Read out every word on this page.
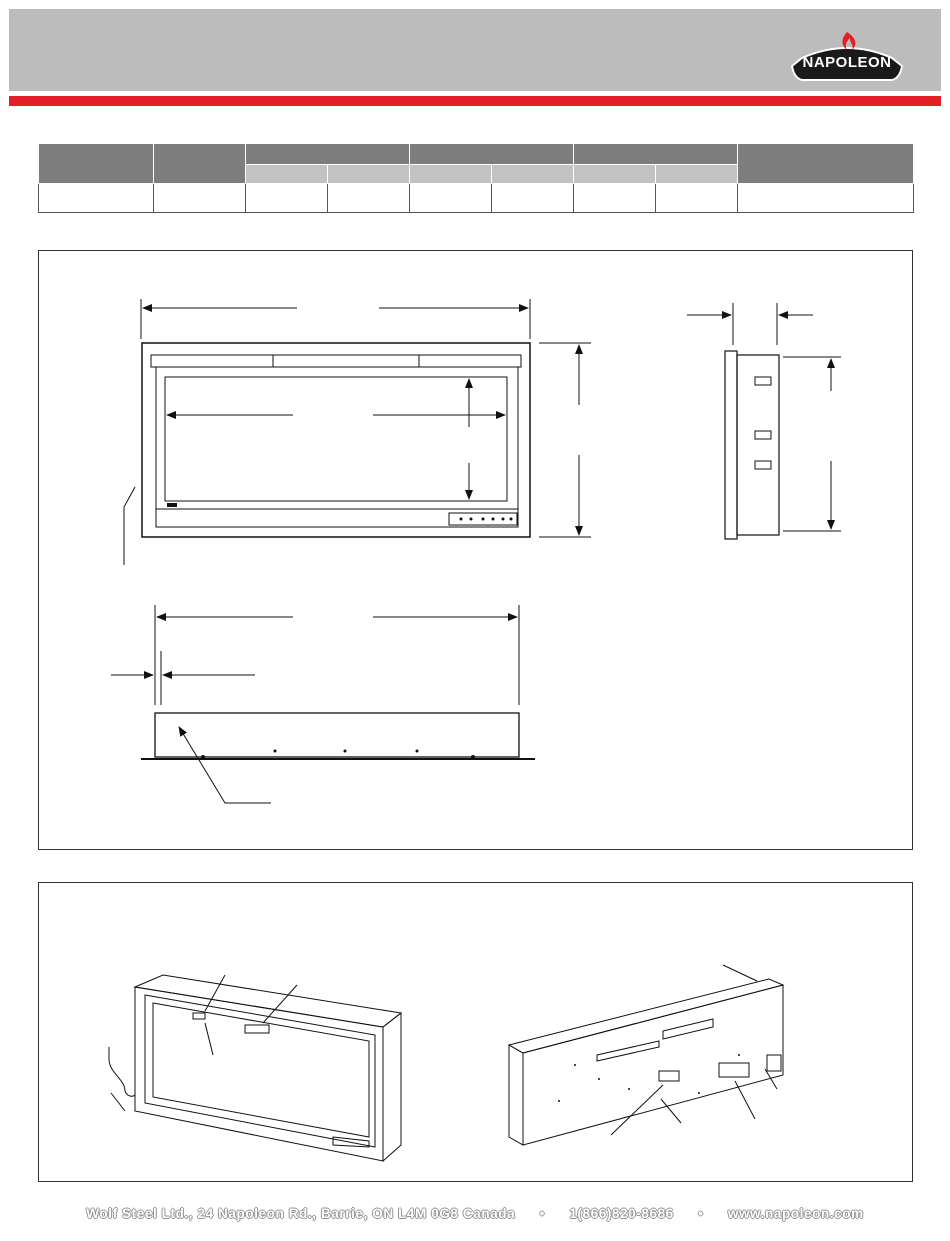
NAPOLEON

Wolf Steel Ltd., 24 Napoleon Rd., Barrie, ON L4M 0G8 Canada • 1(866)820-8686 • www.napoleon.com
